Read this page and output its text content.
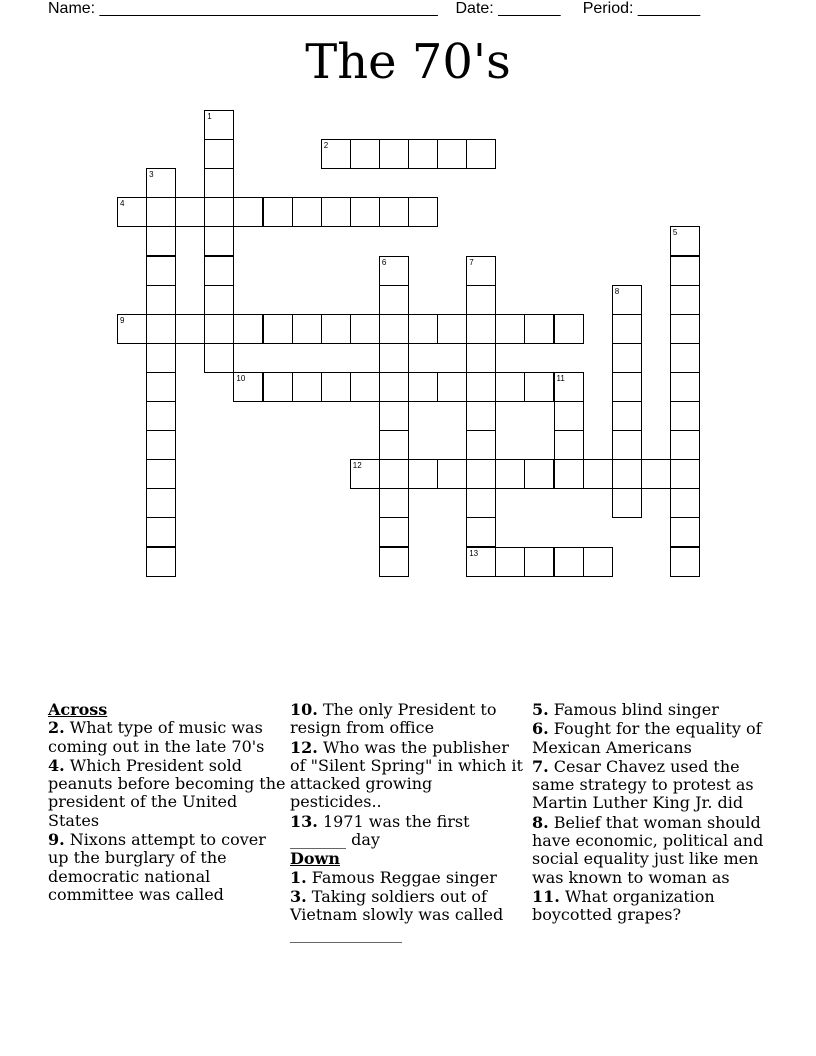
Name: ______________________________________ Date: _______ Period: _______
The 70's
1
2
3
4
5
6	7
8
9
10	11
12
13
Across
2. What type of music was coming out in the late 70's
4. Which President sold peanuts before becoming the president of the United States
9. Nixons attempt to cover up the burglary of the democratic national committee was called
10. The only President to resign from office
12. Who was the publisher of "Silent Spring" in which it attacked growing pesticides..
13. 1971 was the first _______ day
Down
1. Famous Reggae singer
3. Taking soldiers out of Vietnam slowly was called ______________
5. Famous blind singer
6. Fought for the equality of Mexican Americans
7. Cesar Chavez used the same strategy to protest as Martin Luther King Jr. did
8. Belief that woman should have economic, political and social equality just like men was known to woman as
11. What organization boycotted grapes?
